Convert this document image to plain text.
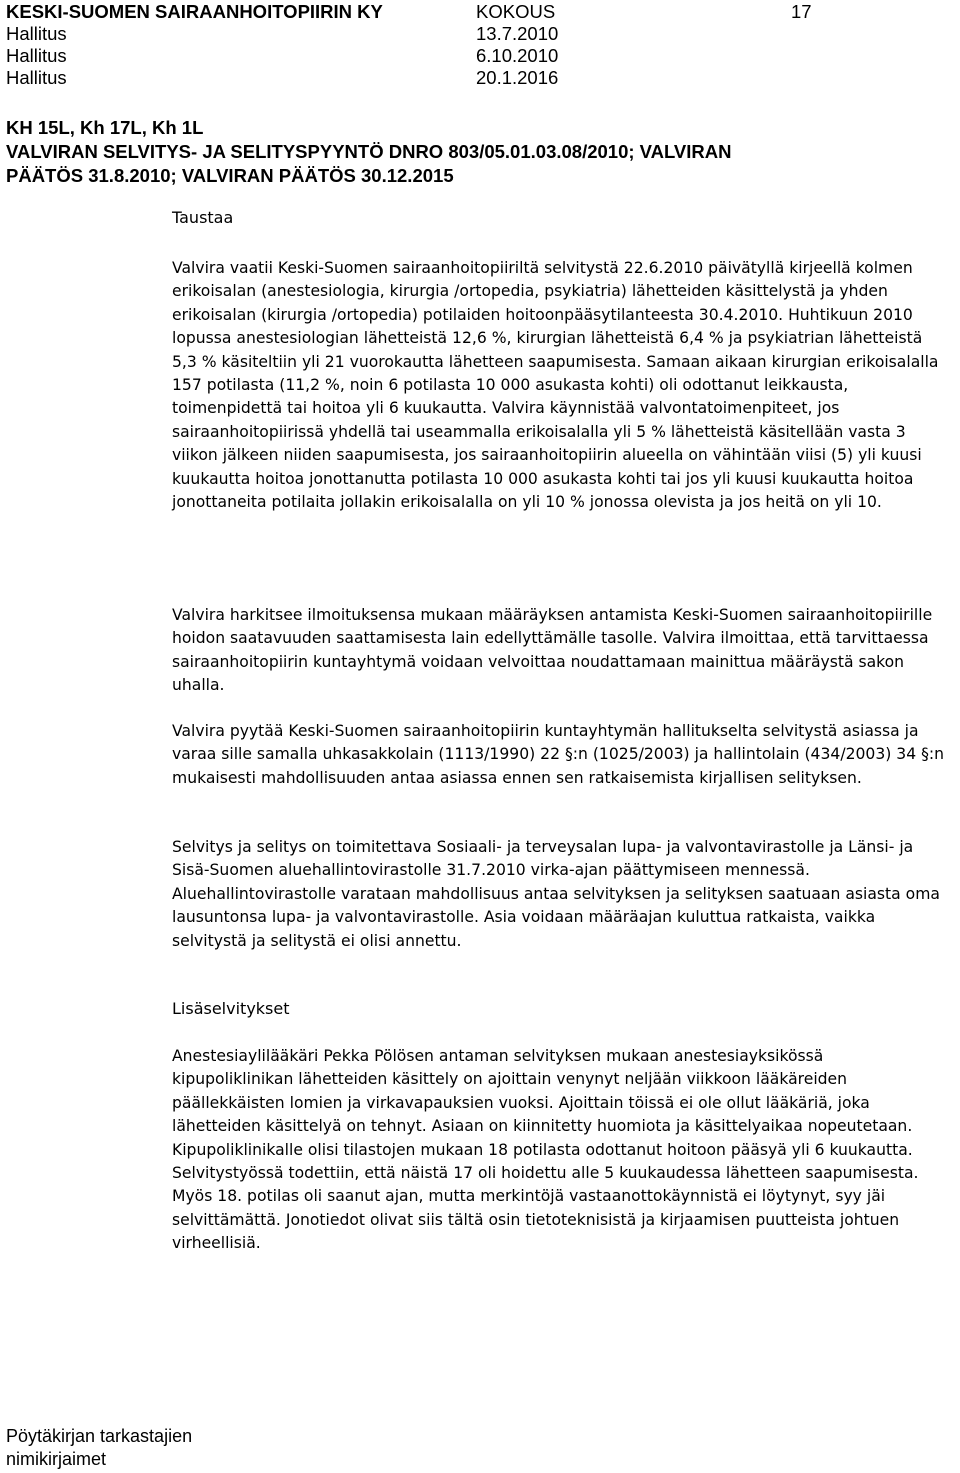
KESKI-SUOMEN SAIRAANHOITOPIIRIN KY	KOKOUS	17
Hallitus	13.7.2010
Hallitus	6.10.2010
Hallitus	20.1.2016
KH 15L, Kh 17L, Kh 1L
VALVIRAN SELVITYS- JA SELITYSPYYNTÖ DNRO 803/05.01.03.08/2010; VALVIRAN
PÄÄTÖS 31.8.2010; VALVIRAN PÄÄTÖS 30.12.2015
Taustaa

Valvira vaatii Keski-Suomen sairaanhoitopiiriltä selvitystä 22.6.2010 päivätyllä kirjeellä kolmen erikoisalan (anestesiologia, kirurgia /ortopedia, psykiatria) lähetteiden käsittelystä ja yhden erikoisalan (kirurgia /ortopedia) potilaiden hoitoonpääsytilanteesta 30.4.2010. Huhtikuun 2010 lopussa anestesiologian lähetteistä 12,6 %, kirurgian lähetteistä 6,4 % ja psykiatrian lähetteistä 5,3 % käsiteltiin yli 21 vuorokautta lähetteen saapumisesta. Samaan aikaan kirurgian erikoisalalla 157 potilasta (11,2 %, noin 6 potilasta 10 000 asukasta kohti) oli odottanut leikkausta, toimenpidettä tai hoitoa yli 6 kuukautta. Valvira käynnistää valvontatoimenpiteet, jos sairaanhoitopiirissä yhdellä tai useammalla erikoisalalla yli 5 % lähetteistä käsitellään vasta 3 viikon jälkeen niiden saapumisesta, jos sairaanhoitopiirin alueella on vähintään viisi (5) yli kuusi kuukautta hoitoa jonottanutta potilasta 10 000 asukasta kohti tai jos yli kuusi kuukautta hoitoa jonottaneita potilaita jollakin erikoisalalla on yli 10 % jonossa olevista ja jos heitä on yli 10.

Valvira harkitsee ilmoituksensa mukaan määräyksen antamista Keski-Suomen sairaanhoitopiirille hoidon saatavuuden saattamisesta lain edellyttämälle tasolle. Valvira ilmoittaa, että tarvittaessa sairaanhoitopiirin kuntayhtymä voidaan velvoittaa noudattamaan mainittua määräystä sakon uhalla.

Valvira pyytää Keski-Suomen sairaanhoitopiirin kuntayhtymän hallitukselta selvitystä asiassa ja varaa sille samalla uhkasakkolain (1113/1990) 22 §:n (1025/2003) ja hallintolain (434/2003) 34 §:n mukaisesti mahdollisuuden antaa asiassa ennen sen ratkaisemista kirjallisen selityksen.

Selvitys ja selitys on toimitettava Sosiaali- ja terveysalan lupa- ja valvontavirastolle ja Länsi- ja Sisä-Suomen aluehallintovirastolle 31.7.2010 virka-ajan päättymiseen mennessä. Aluehallintovirastolle varataan mahdollisuus antaa selvityksen ja selityksen saatuaan asiasta oma lausuntonsa lupa- ja valvontavirastolle. Asia voidaan määräajan kuluttua ratkaista, vaikka selvitystä ja selitystä ei olisi annettu.

Lisäselvitykset

Anestesiaylilääkäri Pekka Pölösen antaman selvityksen mukaan anestesiayksikössä kipupoliklinikan lähetteiden käsittely on ajoittain venynyt neljään viikkoon lääkäreiden päällekkäisten lomien ja virkavapauksien vuoksi. Ajoittain töissä ei ole ollut lääkäriä, joka lähetteiden käsittelyä on tehnyt. Asiaan on kiinnitetty huomiota ja käsittelyaikaa nopeutetaan. Kipupoliklinikalle olisi tilastojen mukaan 18 potilasta odottanut hoitoon pääsyä yli 6 kuukautta. Selvitystyössä todettiin, että näistä 17 oli hoidettu alle 5 kuukaudessa lähetteen saapumisesta. Myös 18. potilas oli saanut ajan, mutta merkintöjä vastaanottokäynnistä ei löytynyt, syy jäi selvittämättä. Jonotiedot olivat siis tältä osin tietoteknisistä ja kirjaamisen puutteista johtuen virheellisiä.

Pöytäkirjan tarkastajien
nimikirjaimet
